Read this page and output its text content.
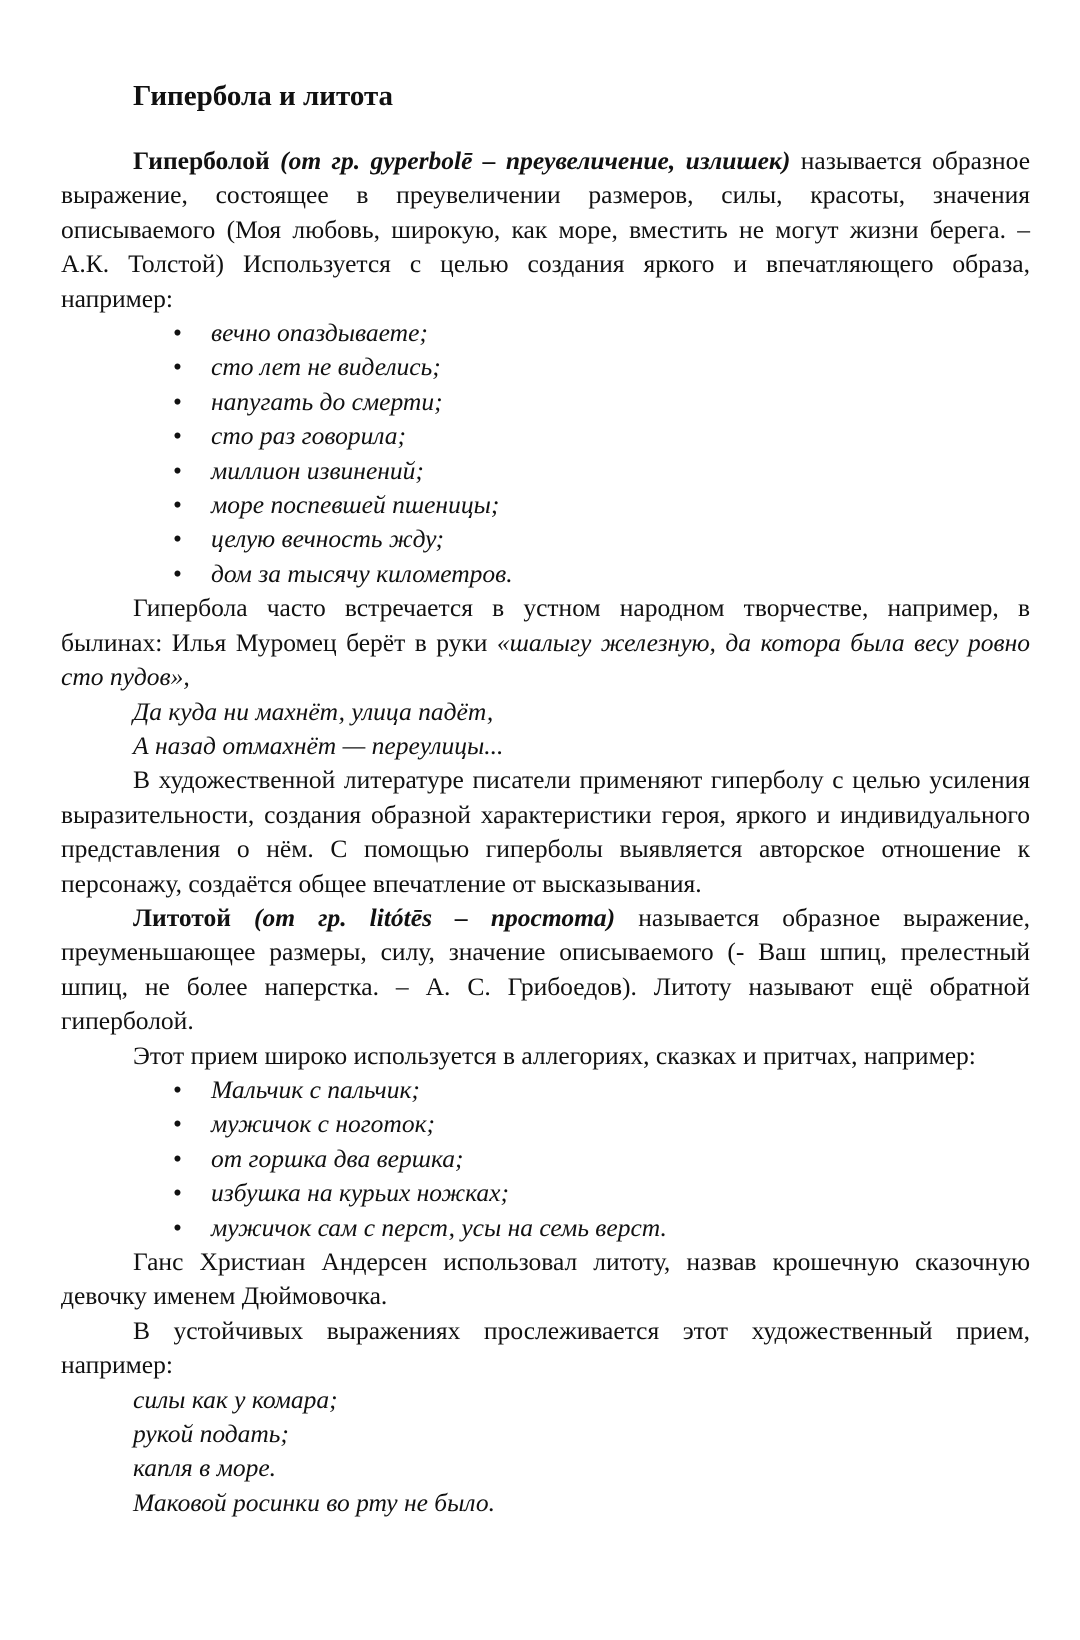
Гипербола и литота

Гиперболой (от гр. gyperbolē – преувеличение, излишек) называется образное выражение, состоящее в преувеличении размеров, силы, красоты, значения описываемого (Моя любовь, широкую, как море, вместить не могут жизни берега. – А.К. Толстой) Используется с целью создания яркого и впечатляющего образа, например:

• вечно опаздываете;
• сто лет не виделись;
• напугать до смерти;
• сто раз говорила;
• миллион извинений;
• море поспевшей пшеницы;
• целую вечность жду;
• дом за тысячу километров.

Гипербола часто встречается в устном народном творчестве, например, в былинах: Илья Муромец берёт в руки «шалыгу железную, да котора была весу ровно сто пудов»,

Да куда ни махнёт, улица падёт,
А назад отмахнёт — переулицы...

В художественной литературе писатели применяют гиперболу с целью усиления выразительности, создания образной характеристики героя, яркого и индивидуального представления о нём. С помощью гиперболы выявляется авторское отношение к персонажу, создаётся общее впечатление от высказывания.

Литотой (от гр. litótēs – простота) называется образное выражение, преуменьшающее размеры, силу, значение описываемого (- Ваш шпиц, прелестный шпиц, не более наперстка. – А. С. Грибоедов). Литоту называют ещё обратной гиперболой.

Этот прием широко используется в аллегориях, сказках и притчах, например:

• Мальчик с пальчик;
• мужичок с ноготок;
• от горшка два вершка;
• избушка на курьих ножках;
• мужичок сам с перст, усы на семь верст.

Ганс Христиан Андерсен использовал литоту, назвав крошечную сказочную девочку именем Дюймовочка.

В устойчивых выражениях прослеживается этот художественный прием, например:

силы как у комара;
рукой подать;
капля в море.
Маковой росинки во рту не было.
